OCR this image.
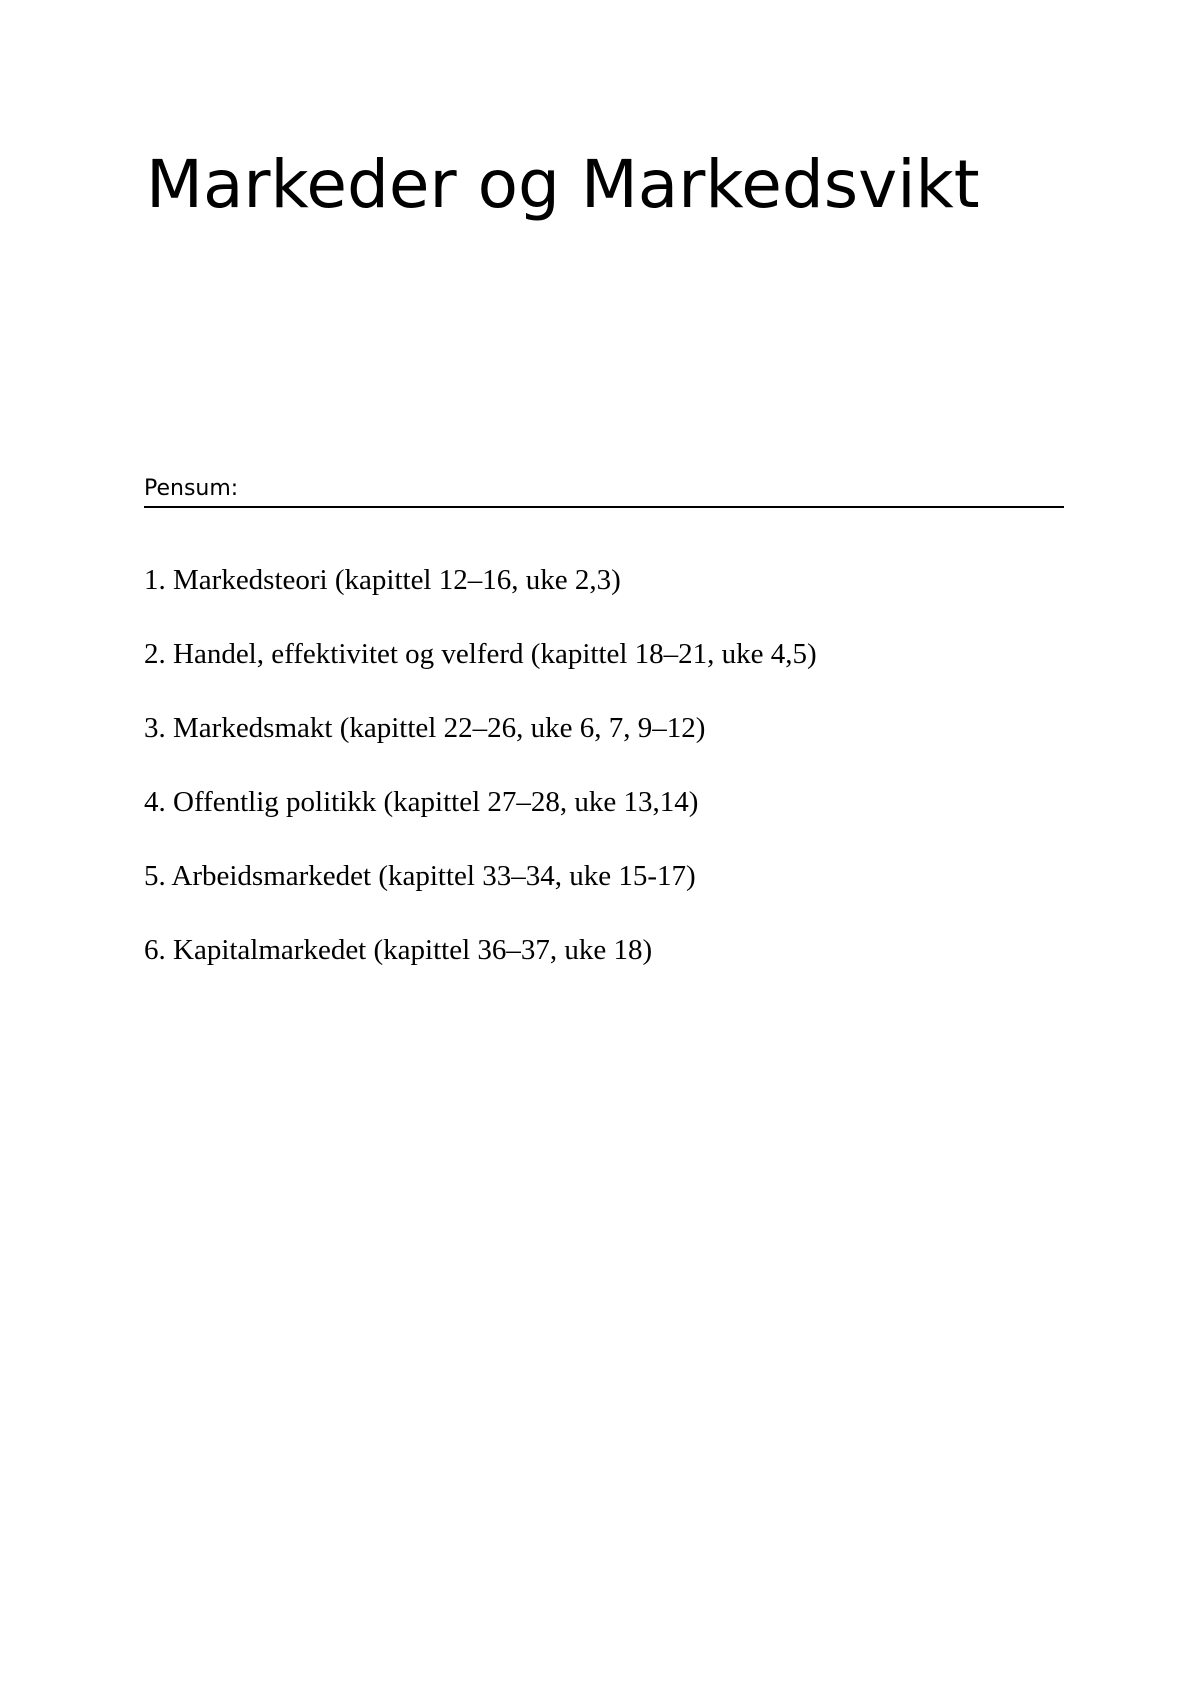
Markeder og Markedsvikt
Pensum:
1. Markedsteori (kapittel 12–16, uke 2,3)
2. Handel, effektivitet og velferd (kapittel 18–21, uke 4,5)
3. Markedsmakt (kapittel 22–26, uke 6, 7, 9–12)
4. Offentlig politikk (kapittel 27–28, uke 13,14)
5. Arbeidsmarkedet (kapittel 33–34, uke 15-17)
6. Kapitalmarkedet (kapittel 36–37, uke 18)
